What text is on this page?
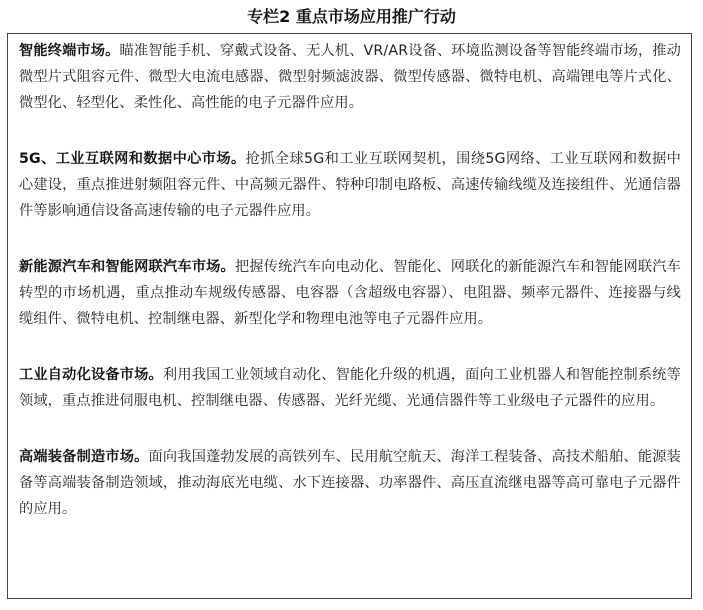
专栏2 重点市场应用推广行动

智能终端市场。瞄准智能手机、穿戴式设备、无人机、VR/AR设备、环境监测设备等智能终端市场，推动微型片式阻容元件、微型大电流电感器、微型射频滤波器、微型传感器、微特电机、高端锂电等片式化、微型化、轻型化、柔性化、高性能的电子元器件应用。

5G、工业互联网和数据中心市场。抢抓全球5G和工业互联网契机，围绕5G网络、工业互联网和数据中心建设，重点推进射频阻容元件、中高频元器件、特种印制电路板、高速传输线缆及连接组件、光通信器件等影响通信设备高速传输的电子元器件应用。

新能源汽车和智能网联汽车市场。把握传统汽车向电动化、智能化、网联化的新能源汽车和智能网联汽车转型的市场机遇，重点推动车规级传感器、电容器（含超级电容器）、电阻器、频率元器件、连接器与线缆组件、微特电机、控制继电器、新型化学和物理电池等电子元器件应用。

工业自动化设备市场。利用我国工业领域自动化、智能化升级的机遇，面向工业机器人和智能控制系统等领域，重点推进伺服电机、控制继电器、传感器、光纤光缆、光通信器件等工业级电子元器件的应用。

高端装备制造市场。面向我国蓬勃发展的高铁列车、民用航空航天、海洋工程装备、高技术船舶、能源装备等高端装备制造领域，推动海底光电缆、水下连接器、功率器件、高压直流继电器等高可靠电子元器件的应用。
